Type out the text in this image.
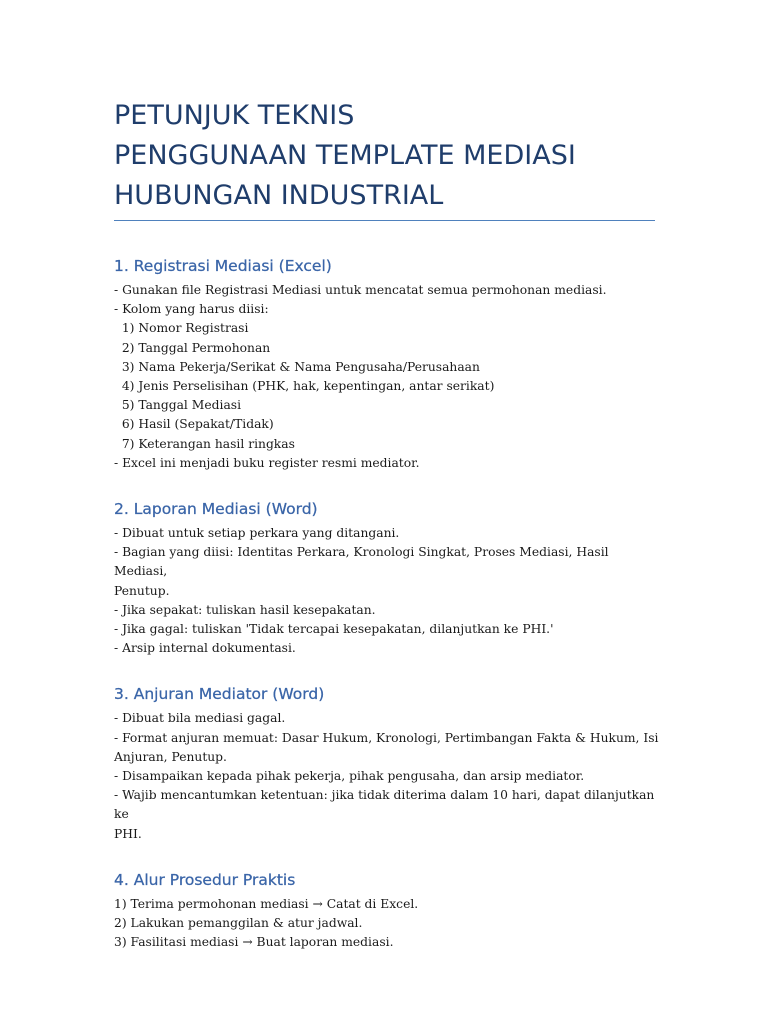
PETUNJUK TEKNIS

PENGGUNAAN TEMPLATE MEDIASI

HUBUNGAN INDUSTRIAL

1. Registrasi Mediasi (Excel)

- Gunakan file Registrasi Mediasi untuk mencatat semua permohonan mediasi.

- Kolom yang harus diisi:

1) Nomor Registrasi

2) Tanggal Permohonan

3) Nama Pekerja/Serikat & Nama Pengusaha/Perusahaan

4) Jenis Perselisihan (PHK, hak, kepentingan, antar serikat)

5) Tanggal Mediasi

6) Hasil (Sepakat/Tidak)

7) Keterangan hasil ringkas

- Excel ini menjadi buku register resmi mediator.

2. Laporan Mediasi (Word)

- Dibuat untuk setiap perkara yang ditangani.

- Bagian yang diisi: Identitas Perkara, Kronologi Singkat, Proses Mediasi, Hasil Mediasi,

Penutup.

- Jika sepakat: tuliskan hasil kesepakatan.

- Jika gagal: tuliskan 'Tidak tercapai kesepakatan, dilanjutkan ke PHI.'

- Arsip internal dokumentasi.

3. Anjuran Mediator (Word)

- Dibuat bila mediasi gagal.

- Format anjuran memuat: Dasar Hukum, Kronologi, Pertimbangan Fakta & Hukum, Isi

Anjuran, Penutup.

- Disampaikan kepada pihak pekerja, pihak pengusaha, dan arsip mediator.

- Wajib mencantumkan ketentuan: jika tidak diterima dalam 10 hari, dapat dilanjutkan ke

PHI.

4. Alur Prosedur Praktis

1) Terima permohonan mediasi → Catat di Excel.

2) Lakukan pemanggilan & atur jadwal.

3) Fasilitasi mediasi → Buat laporan mediasi.
